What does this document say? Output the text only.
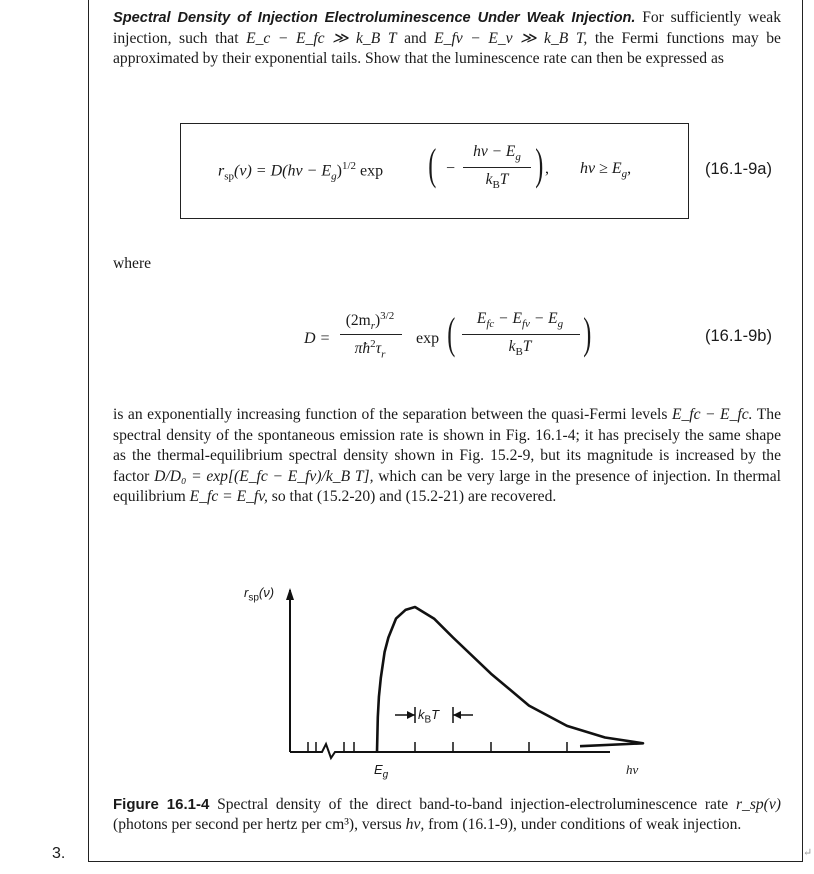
Spectral Density of Injection Electroluminescence Under Weak Injection. For sufficiently weak injection, such that E_c − E_fc ≫ k_B T and E_fv − E_v ≫ k_B T, the Fermi functions may be approximated by their exponential tails. Show that the luminescence rate can then be expressed as
$r_{sp}(\nu) = D(h\nu - E_g)^{1/2}$ exp ( −
$h\nu - E_g$
$k_BT$ ) , $h\nu \ge E_g$,	(16.1-9a)
where
D =
$(2m_r)^{3/2}$
$\pi ħ^2\tau_r$
exp (	$E_{fc} - E_{fv} - E_g$
$k_BT$	)	(16.1-9b)
is an exponentially increasing function of the separation between the quasi-Fermi levels E_fc − E_fc. The spectral density of the spontaneous emission rate is shown in Fig. 16.1-4; it has precisely the same shape as the thermal-equilibrium spectral density shown in Fig. 15.2-9, but its magnitude is increased by the factor D/D₀ = exp[(E_fc − E_fv)/k_B T], which can be very large in the presence of injection. In thermal equilibrium E_fc = E_fv, so that (15.2-20) and (15.2-21) are recovered.
$r_{sp}(\nu)$
$E_g$	hν
$k_BT$
Figure 16.1-4 Spectral density of the direct band-to-band injection-electroluminescence rate r_sp(ν) (photons per second per hertz per cm³), versus hν, from (16.1-9), under conditions of weak injection.
3.	↵
